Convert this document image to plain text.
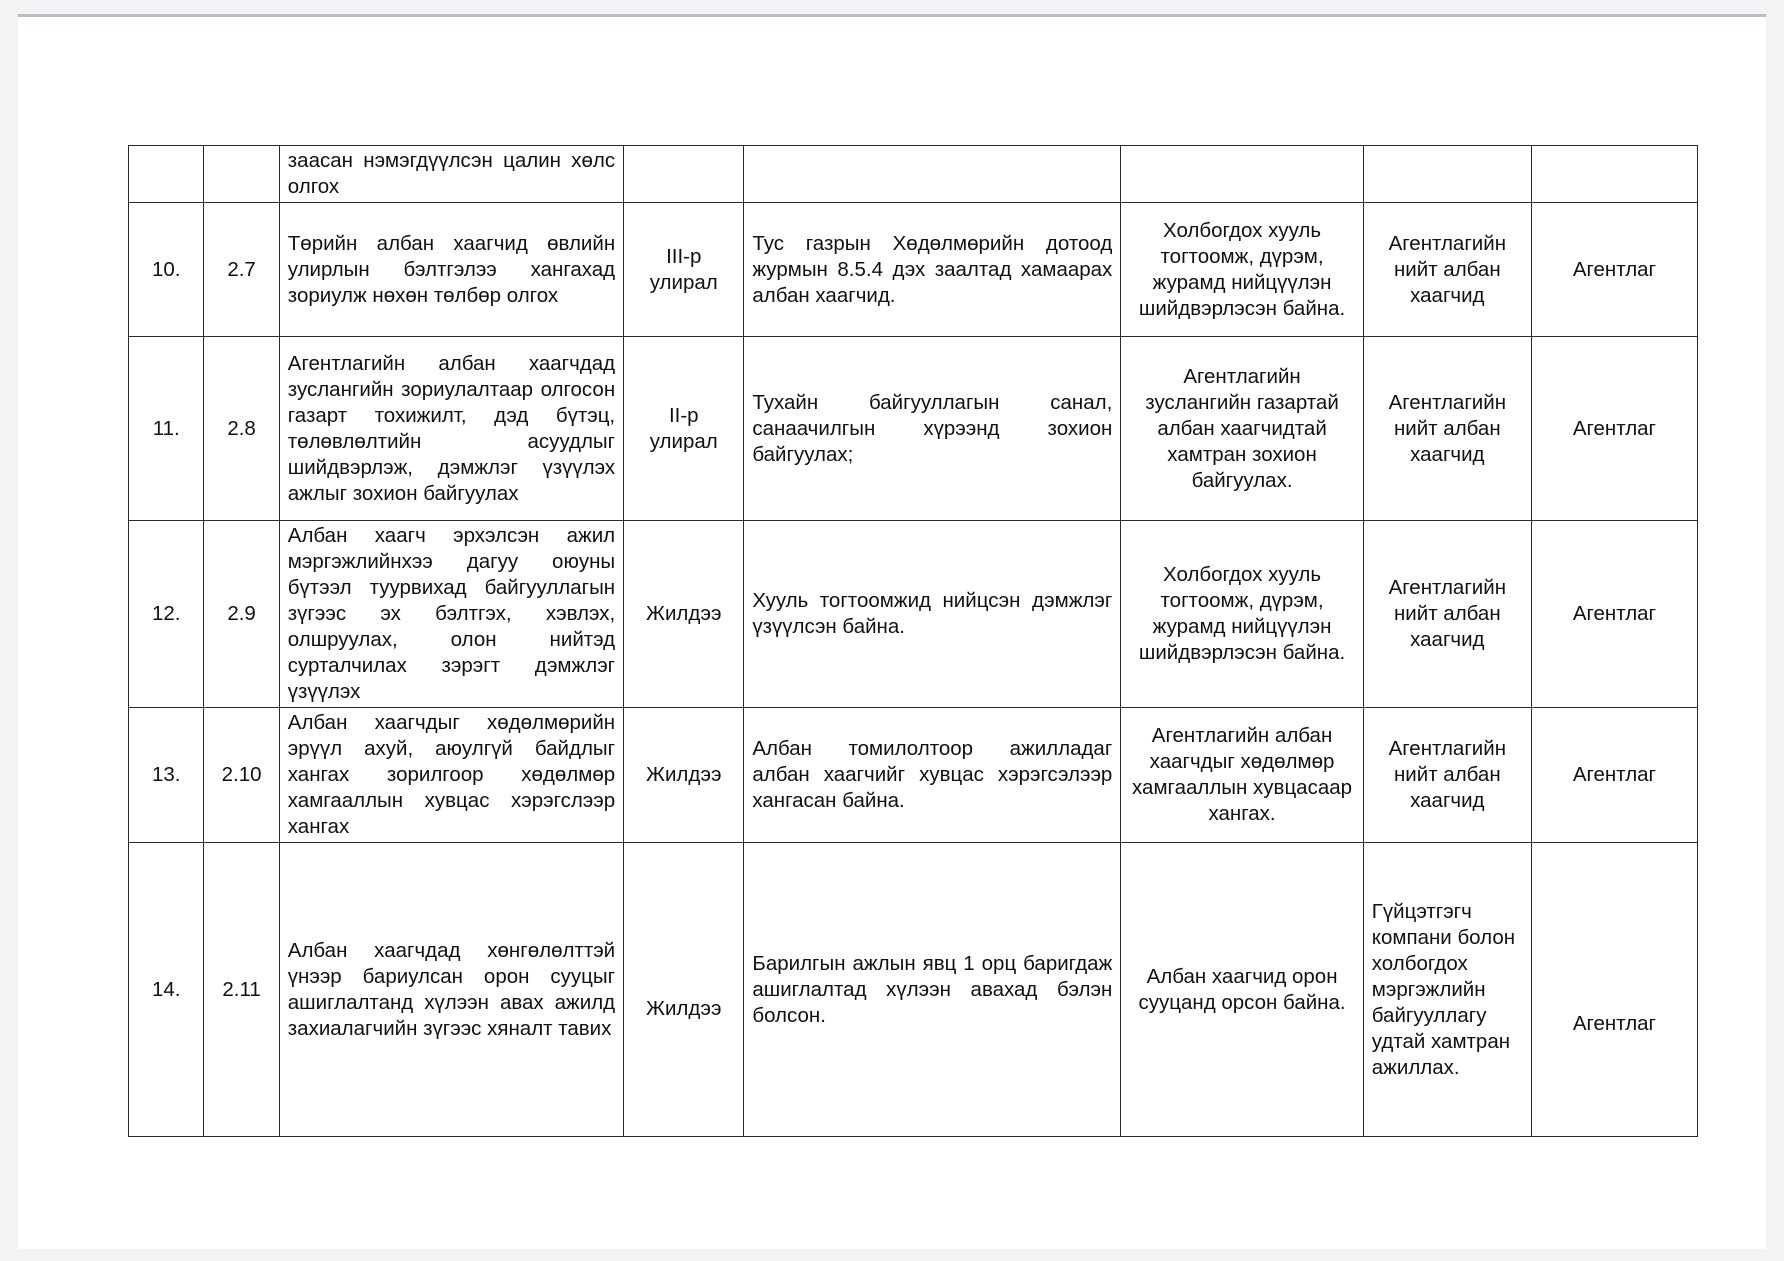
		заасан нэмэгдүүлсэн цалин хөлс олгох					
10.	2.7	Төрийн албан хаагчид өвлийн улирлын бэлтгэлээ хангахад зориулж нөхөн төлбөр олгох	III-р улирал	Тус газрын Хөдөлмөрийн дотоод журмын 8.5.4 дэх заалтад хамаарах албан хаагчид.	Холбогдох хууль тогтоомж, дүрэм, журамд нийцүүлэн шийдвэрлэсэн байна.	Агентлагийн нийт албан хаагчид	Агентлаг
11.	2.8	Агентлагийн албан хаагчдад зуслангийн зориулалтаар олгосон газарт тохижилт, дэд бүтэц, төлөвлөлтийн асуудлыг шийдвэрлэж, дэмжлэг үзүүлэх ажлыг зохион байгуулах	II-р улирал	Тухайн байгууллагын санал, санаачилгын хүрээнд зохион байгуулах;	Агентлагийн зуслангийн газартай албан хаагчидтай хамтран зохион байгуулах.	Агентлагийн нийт албан хаагчид	Агентлаг
12.	2.9	Албан хаагч эрхэлсэн ажил мэргэжлийнхээ дагуу оюуны бүтээл туурвихад байгууллагын зүгээс эх бэлтгэх, хэвлэх, олшруулах, олон нийтэд сурталчилах зэрэгт дэмжлэг үзүүлэх	Жилдээ	Хууль тогтоомжид нийцсэн дэмжлэг үзүүлсэн байна.	Холбогдох хууль тогтоомж, дүрэм, журамд нийцүүлэн шийдвэрлэсэн байна.	Агентлагийн нийт албан хаагчид	Агентлаг
13.	2.10	Албан хаагчдыг хөдөлмөрийн эрүүл ахуй, аюулгүй байдлыг хангах зорилгоор хөдөлмөр хамгааллын хувцас хэрэгслээр хангах	Жилдээ	Албан томилолтоор ажилладаг албан хаагчийг хувцас хэрэгсэлээр хангасан байна.	Агентлагийн албан хаагчдыг хөдөлмөр хамгааллын хувцасаар хангах.	Агентлагийн нийт албан хаагчид	Агентлаг
14.	2.11	Албан хаагчдад хөнгөлөлттэй үнээр бариулсан орон сууцыг ашиглалтанд хүлээн авах ажилд захиалагчийн зүгээс хяналт тавих	Жилдээ	Барилгын ажлын явц 1 орц баригдаж ашиглалтад хүлээн авахад бэлэн болсон.	Албан хаагчид орон сууцанд орсон байна.	Гүйцэтгэгч компани болон холбогдох мэргэжлийн байгууллагу удтай хамтран ажиллах.	Агентлаг
